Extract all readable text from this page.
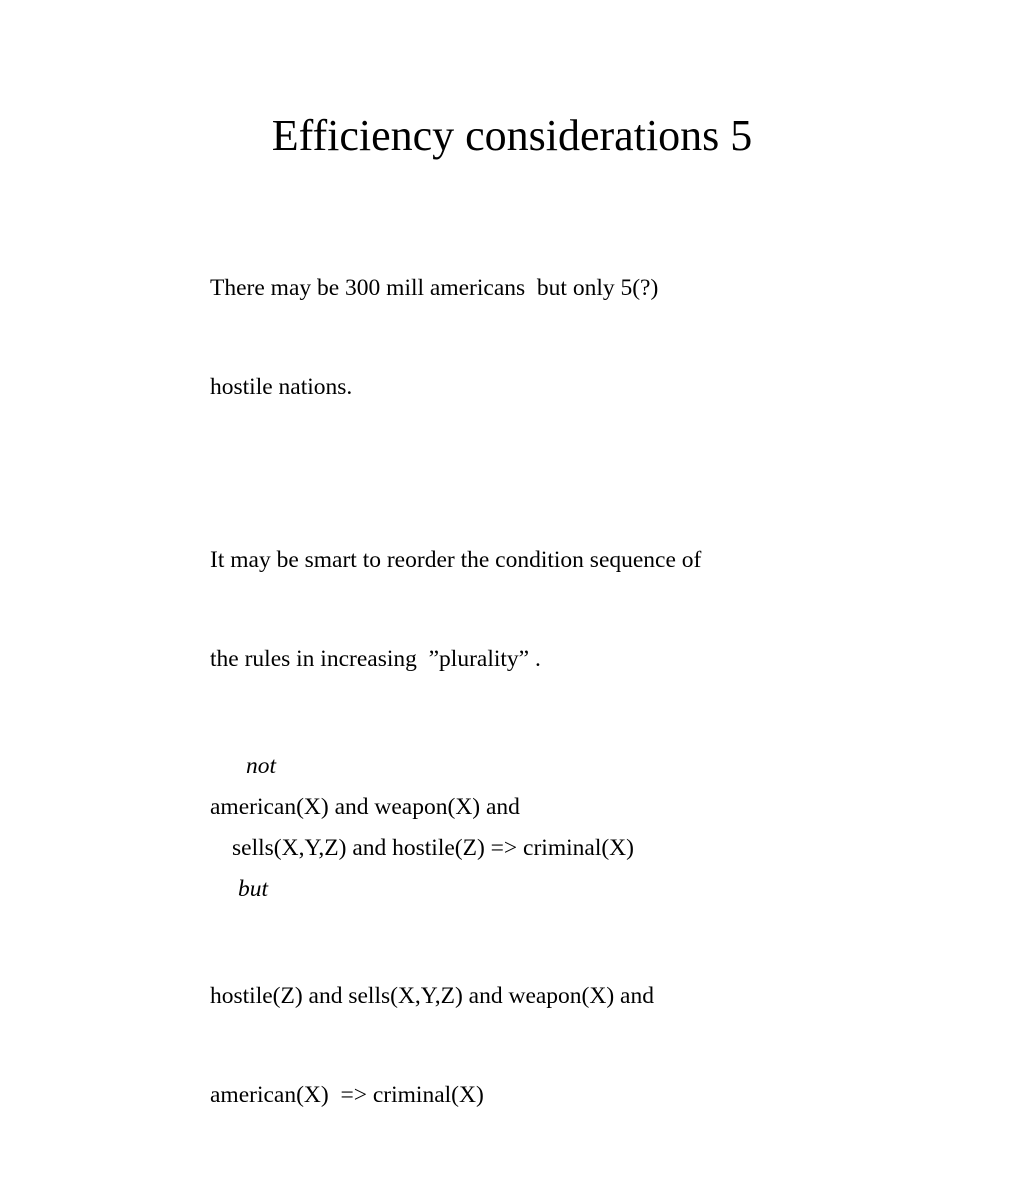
Efficiency considerations 5

There may be 300 mill americans  but only 5(?)

hostile nations.

It may be smart to reorder the condition sequence of

the rules in increasing  ”plurality” .

not
american(X) and weapon(X) and
sells(X,Y,Z) and hostile(Z) => criminal(X)
but

hostile(Z) and sells(X,Y,Z) and weapon(X) and

american(X)  => criminal(X)
